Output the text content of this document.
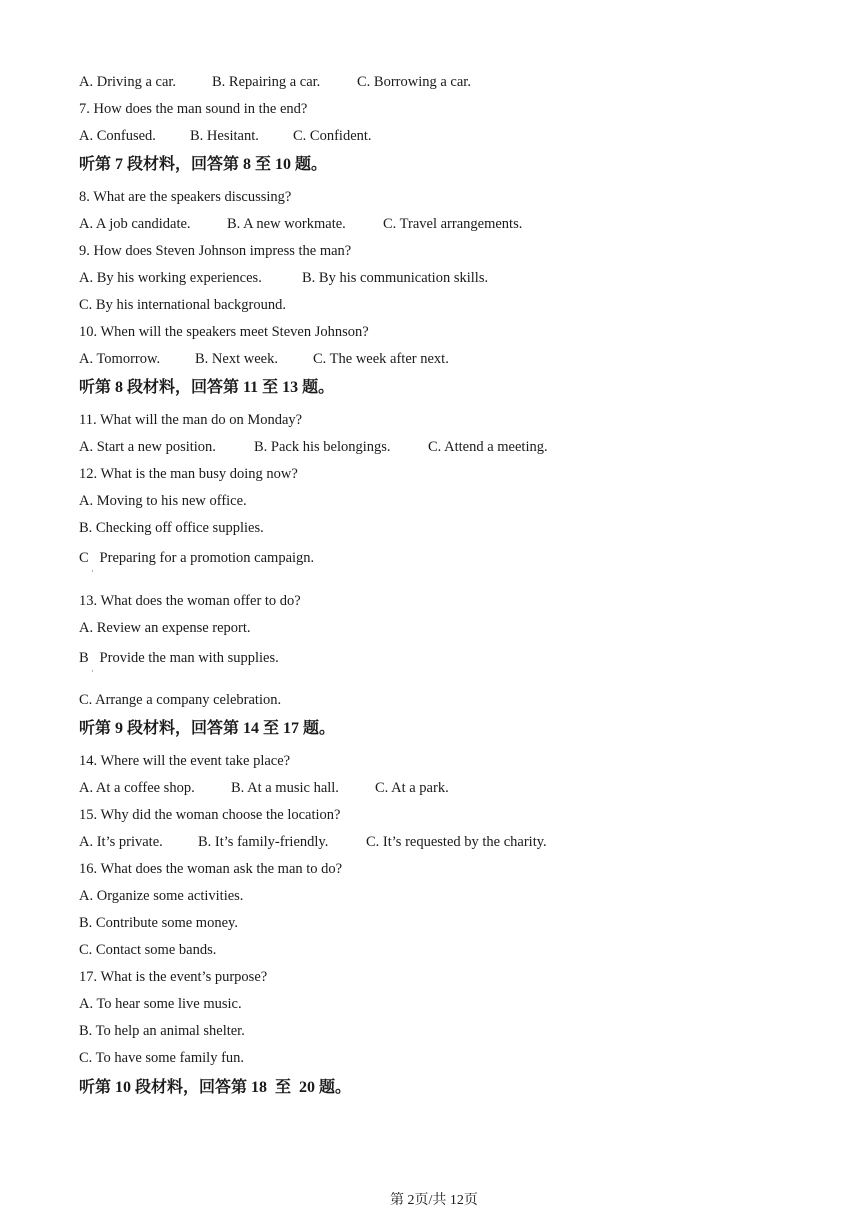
A. Driving a car. B. Repairing a car.	C. Borrowing a car.
7. How does the man sound in the end?
A. Confused. B. Hesitant. C. Confident.
听第 7 段材料，回答第 8 至 10 题。
8. What are the speakers discussing?
A. A job candidate.	B. A new workmate.	C. Travel arrangements.
9. How does Steven Johnson impress the man?
A. By his working experiences.	B. By his communication skills.
C. By his international background.
10. When will the speakers meet Steven Johnson?
A. Tomorrow. B. Next week. C. The week after next.
听第 8 段材料，回答第 11 至 13 题。
11. What will the man do on Monday?
A. Start a new position.	B. Pack his belongings.	C. Attend a meeting.
12. What is the man busy doing now?
A. Moving to his new office.
B. Checking off office supplies.
C   Preparing for a promotion campaign.
·
13. What does the woman offer to do?
A. Review an expense report.
B   Provide the man with supplies.
·
C. Arrange a company celebration.
听第 9 段材料，回答第 14 至 17 题。
14. Where will the event take place?
A. At a coffee shop.	B. At a music hall. C. At a park.
15. Why did the woman choose the location?
A. It’s private. B. It’s family-friendly.	C. It’s requested by the charity.
16. What does the woman ask the man to do?
A. Organize some activities.
B. Contribute some money.
C. Contact some bands.
17. What is the event’s purpose?
A. To hear some live music.
B. To help an animal shelter.
C. To have some family fun.
听第 10 段材料，回答第 18  至  20 题。
第 2页/共 12页
